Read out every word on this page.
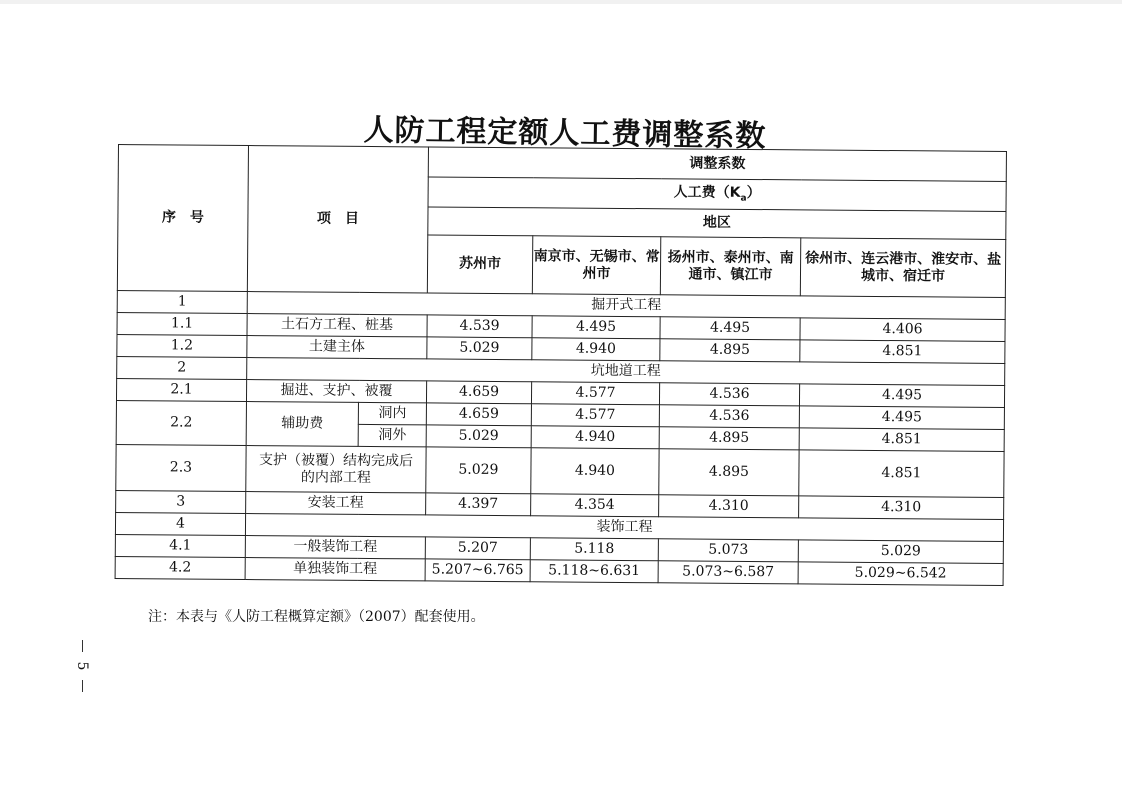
人防工程定额人工费调整系数
序　号	项　目		调整系数			
			人工费$(K_a)$			
			地区			
			苏州市	南京市、无锡市、常州市	扬州市、泰州市、南通市、镇江市	徐州市、连云港市、淮安市、盐城市、宿迁市
1	掘开式工程					
1.1	土石方工程、桩基		4.539	4.495	4.495	4.406
1.2	土建主体		5.029	4.940	4.895	4.851
2	坑地道工程					
2.1	掘进、支护、被覆		4.659	4.577	4.536	4.495
2.2	辅助费	洞内	4.659	4.577	4.536	4.495
		洞外	5.029	4.940	4.895	4.851
2.3	支护（被覆）结构完成后的内部工程		5.029	4.940	4.895	4.851
3	安装工程		4.397	4.354	4.310	4.310
4	装饰工程					
4.1	一般装饰工程		5.207	5.118	5.073	5.029
4.2	单独装饰工程		5.207~6.765	5.118~6.631	5.073~6.587	5.029~6.542
注：本表与《人防工程概算定额》（2007）配套使用。
5
